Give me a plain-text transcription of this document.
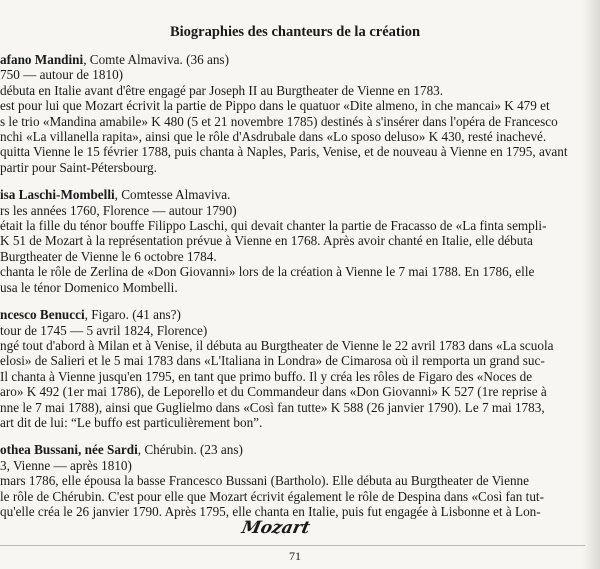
Biographies des chanteurs de la création
afano Mandini, Comte Almaviva. (36 ans)
750 — autour de 1810)
débuta en Italie avant d'être engagé par Joseph II au Burgtheater de Vienne en 1783.
est pour lui que Mozart écrivit la partie de Pippo dans le quatuor «Dite almeno, in che mancai» K 479 et
s le trio «Mandina amabile» K 480 (5 et 21 novembre 1785) destinés à s'insérer dans l'opéra de Francesco
nchi «La villanella rapita», ainsi que le rôle d'Asdrubale dans «Lo sposo deluso» K 430, resté inachevé.
quitta Vienne le 15 février 1788, puis chanta à Naples, Paris, Venise, et de nouveau à Vienne en 1795, avant
partir pour Saint-Pétersbourg.
isa Laschi-Mombelli, Comtesse Almaviva.
rs les années 1760, Florence — autour 1790)
était la fille du ténor bouffe Filippo Laschi, qui devait chanter la partie de Fracasso de «La finta sempli-
K 51 de Mozart à la représentation prévue à Vienne en 1768. Après avoir chanté en Italie, elle débuta
Burgtheater de Vienne le 6 octobre 1784.
chanta le rôle de Zerlina de «Don Giovanni» lors de la création à Vienne le 7 mai 1788. En 1786, elle
usa le ténor Domenico Mombelli.
ncesco Benucci, Figaro. (41 ans?)
tour de 1745 — 5 avril 1824, Florence)
ngé tout d'abord à Milan et à Venise, il débuta au Burgtheater de Vienne le 22 avril 1783 dans «La scuola
elosi» de Salieri et le 5 mai 1783 dans «L'Italiana in Londra» de Cimarosa où il remporta un grand suc-
Il chanta à Vienne jusqu'en 1795, en tant que primo buffo. Il y créa les rôles de Figaro des «Noces de
aro» K 492 (1er mai 1786), de Leporello et du Commandeur dans «Don Giovanni» K 527 (1re reprise à
nne le 7 mai 1788), ainsi que Guglielmo dans «Così fan tutte» K 588 (26 janvier 1790). Le 7 mai 1783,
art dit de lui: “Le buffo est particulièrement bon”.
othea Bussani, née Sardi, Chérubin. (23 ans)
3, Vienne — après 1810)
mars 1786, elle épousa la basse Francesco Bussani (Bartholo). Elle débuta au Burgtheater de Vienne
le rôle de Chérubin. C'est pour elle que Mozart écrivit également le rôle de Despina dans «Così fan tut-
qu'elle créa le 26 janvier 1790. Après 1795, elle chanta en Italie, puis fut engagée à Lisbonne et à Lon-
Mozart
71
